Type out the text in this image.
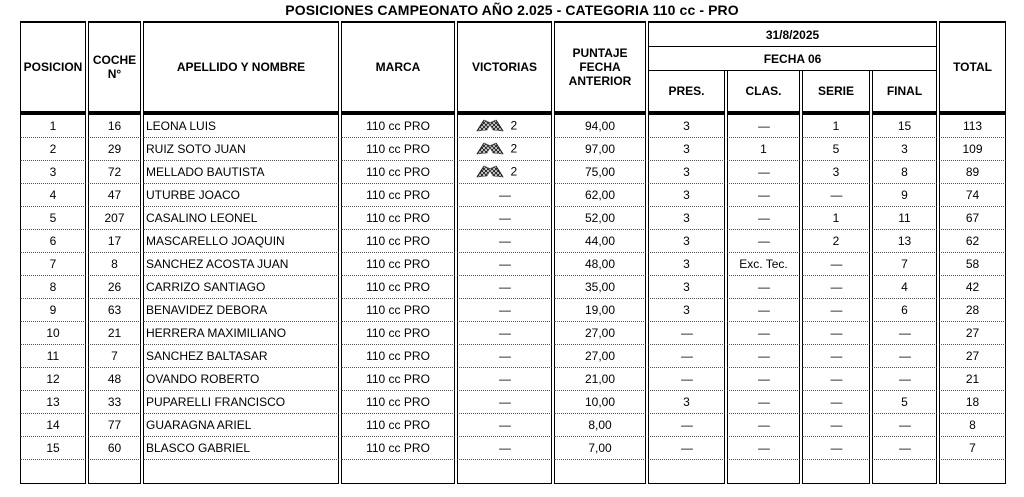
POSICIONES CAMPEONATO AÑO 2.025 - CATEGORIA 110 cc - PRO
POSICION	COCHE N°	APELLIDO Y NOMBRE	MARCA	VICTORIAS	PUNTAJE FECHA ANTERIOR	31/8/2025				TOTAL
						FECHA 06				
						PRES.	CLAS.	SERIE	FINAL	
1	16	LEONA LUIS	110 cc PRO	2	94,00	3	-----	1	15	113
2	29	RUIZ SOTO JUAN	110 cc PRO	2	97,00	3	1	5	3	109
3	72	MELLADO BAUTISTA	110 cc PRO	2	75,00	3	-----	3	8	89
4	47	UTURBE JOACO	110 cc PRO	-----	62,00	3	-----	-----	9	74
5	207	CASALINO LEONEL	110 cc PRO	-----	52,00	3	-----	1	11	67
6	17	MASCARELLO JOAQUIN	110 cc PRO	-----	44,00	3	-----	2	13	62
7	8	SANCHEZ ACOSTA JUAN	110 cc PRO	-----	48,00	3	Exc. Tec.	-----	7	58
8	26	CARRIZO SANTIAGO	110 cc PRO	-----	35,00	3	-----	-----	4	42
9	63	BENAVIDEZ DEBORA	110 cc PRO	-----	19,00	3	-----	-----	6	28
10	21	HERRERA MAXIMILIANO	110 cc PRO	-----	27,00	-----	-----	-----	-----	27
11	7	SANCHEZ BALTASAR	110 cc PRO	-----	27,00	-----	-----	-----	-----	27
12	48	OVANDO ROBERTO	110 cc PRO	-----	21,00	-----	-----	-----	-----	21
13	33	PUPARELLI FRANCISCO	110 cc PRO	-----	10,00	3	-----	-----	5	18
14	77	GUARAGNA ARIEL	110 cc PRO	-----	8,00	-----	-----	-----	-----	8
15	60	BLASCO GABRIEL	110 cc PRO	-----	7,00	-----	-----	-----	-----	7
